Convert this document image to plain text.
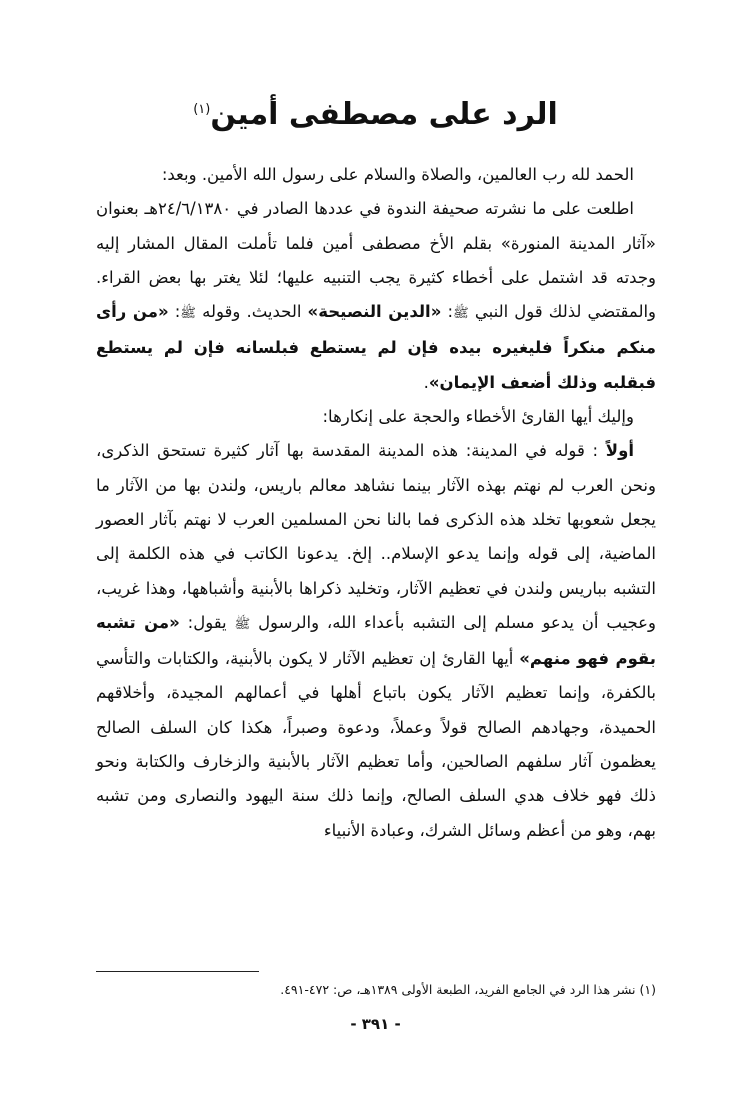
الرد على مصطفى أمين$^{(١)}$

الحمد لله رب العالمين، والصلاة والسلام على رسول الله الأمين. وبعد:

اطلعت على ما نشرته صحيفة الندوة في عددها الصادر في ٢٤/٦/١٣٨٠هـ بعنوان «آثار المدينة المنورة» بقلم الأخ مصطفى أمين فلما تأملت المقال المشار إليه وجدته قد اشتمل على أخطاء كثيرة يجب التنبيه عليها؛ لئلا يغتر بها بعض القراء. والمقتضي لذلك قول النبي ﷺ: «الدين النصيحة» الحديث. وقوله ﷺ: «من رأى منكم منكراً فليغيره بيده فإن لم يستطع فبلسانه فإن لم يستطع فبقلبه وذلك أضعف الإيمان».

وإليك أيها القارئ الأخطاء والحجة على إنكارها:

أولاً : قوله في المدينة: هذه المدينة المقدسة بها آثار كثيرة تستحق الذكرى، ونحن العرب لم نهتم بهذه الآثار بينما نشاهد معالم باريس، ولندن بها من الآثار ما يجعل شعوبها تخلد هذه الذكرى فما بالنا نحن المسلمين العرب لا نهتم بآثار العصور الماضية، إلى قوله وإنما يدعو الإسلام.. إلخ. يدعونا الكاتب في هذه الكلمة إلى التشبه بباريس ولندن في تعظيم الآثار، وتخليد ذكراها بالأبنية وأشباهها، وهذا غريب، وعجيب أن يدعو مسلم إلى التشبه بأعداء الله، والرسول ﷺ يقول: «من تشبه بقوم فهو منهم» أيها القارئ إن تعظيم الآثار لا يكون بالأبنية، والكتابات والتأسي بالكفرة، وإنما تعظيم الآثار يكون باتباع أهلها في أعمالهم المجيدة، وأخلاقهم الحميدة، وجهادهم الصالح قولاً وعملاً، ودعوة وصبراً، هكذا كان السلف الصالح يعظمون آثار سلفهم الصالحين، وأما تعظيم الآثار بالأبنية والزخارف والكتابة ونحو ذلك فهو خلاف هدي السلف الصالح، وإنما ذلك سنة اليهود والنصارى ومن تشبه بهم، وهو من أعظم وسائل الشرك، وعبادة الأنبياء

(١) نشر هذا الرد في الجامع الفريد، الطبعة الأولى ١٣٨٩هـ، ص: ٤٧٢-٤٩١.

- ٣٩١ -
